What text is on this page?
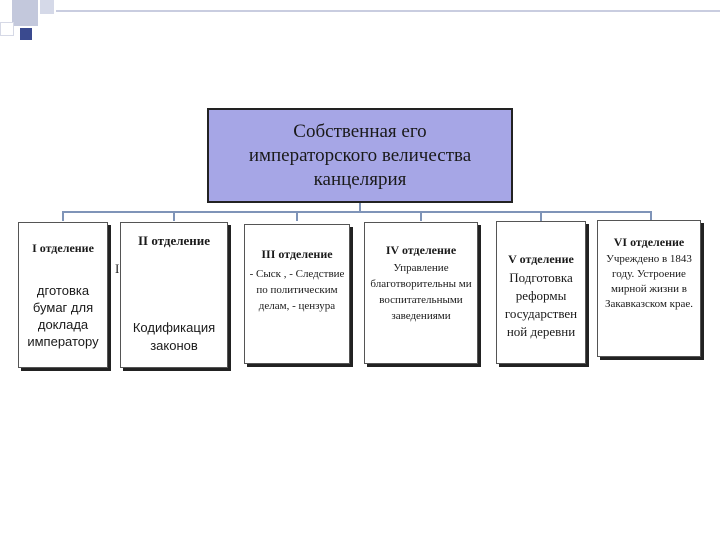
Собственная его
императорского величества
канцелярия
I отделение
дготовка бумаг для доклада императору
II отделение
Кодификация законов
I
III отделение
- Сыск , - Следствие по политическим делам, - цензура
IV отделение
Управление благотворительны ми воспитательными заведениями
V отделение
Подготовка реформы государствен ной деревни
VI отделение
Учреждено в 1843 году. Устроение мирной жизни в Закавказском крае.
